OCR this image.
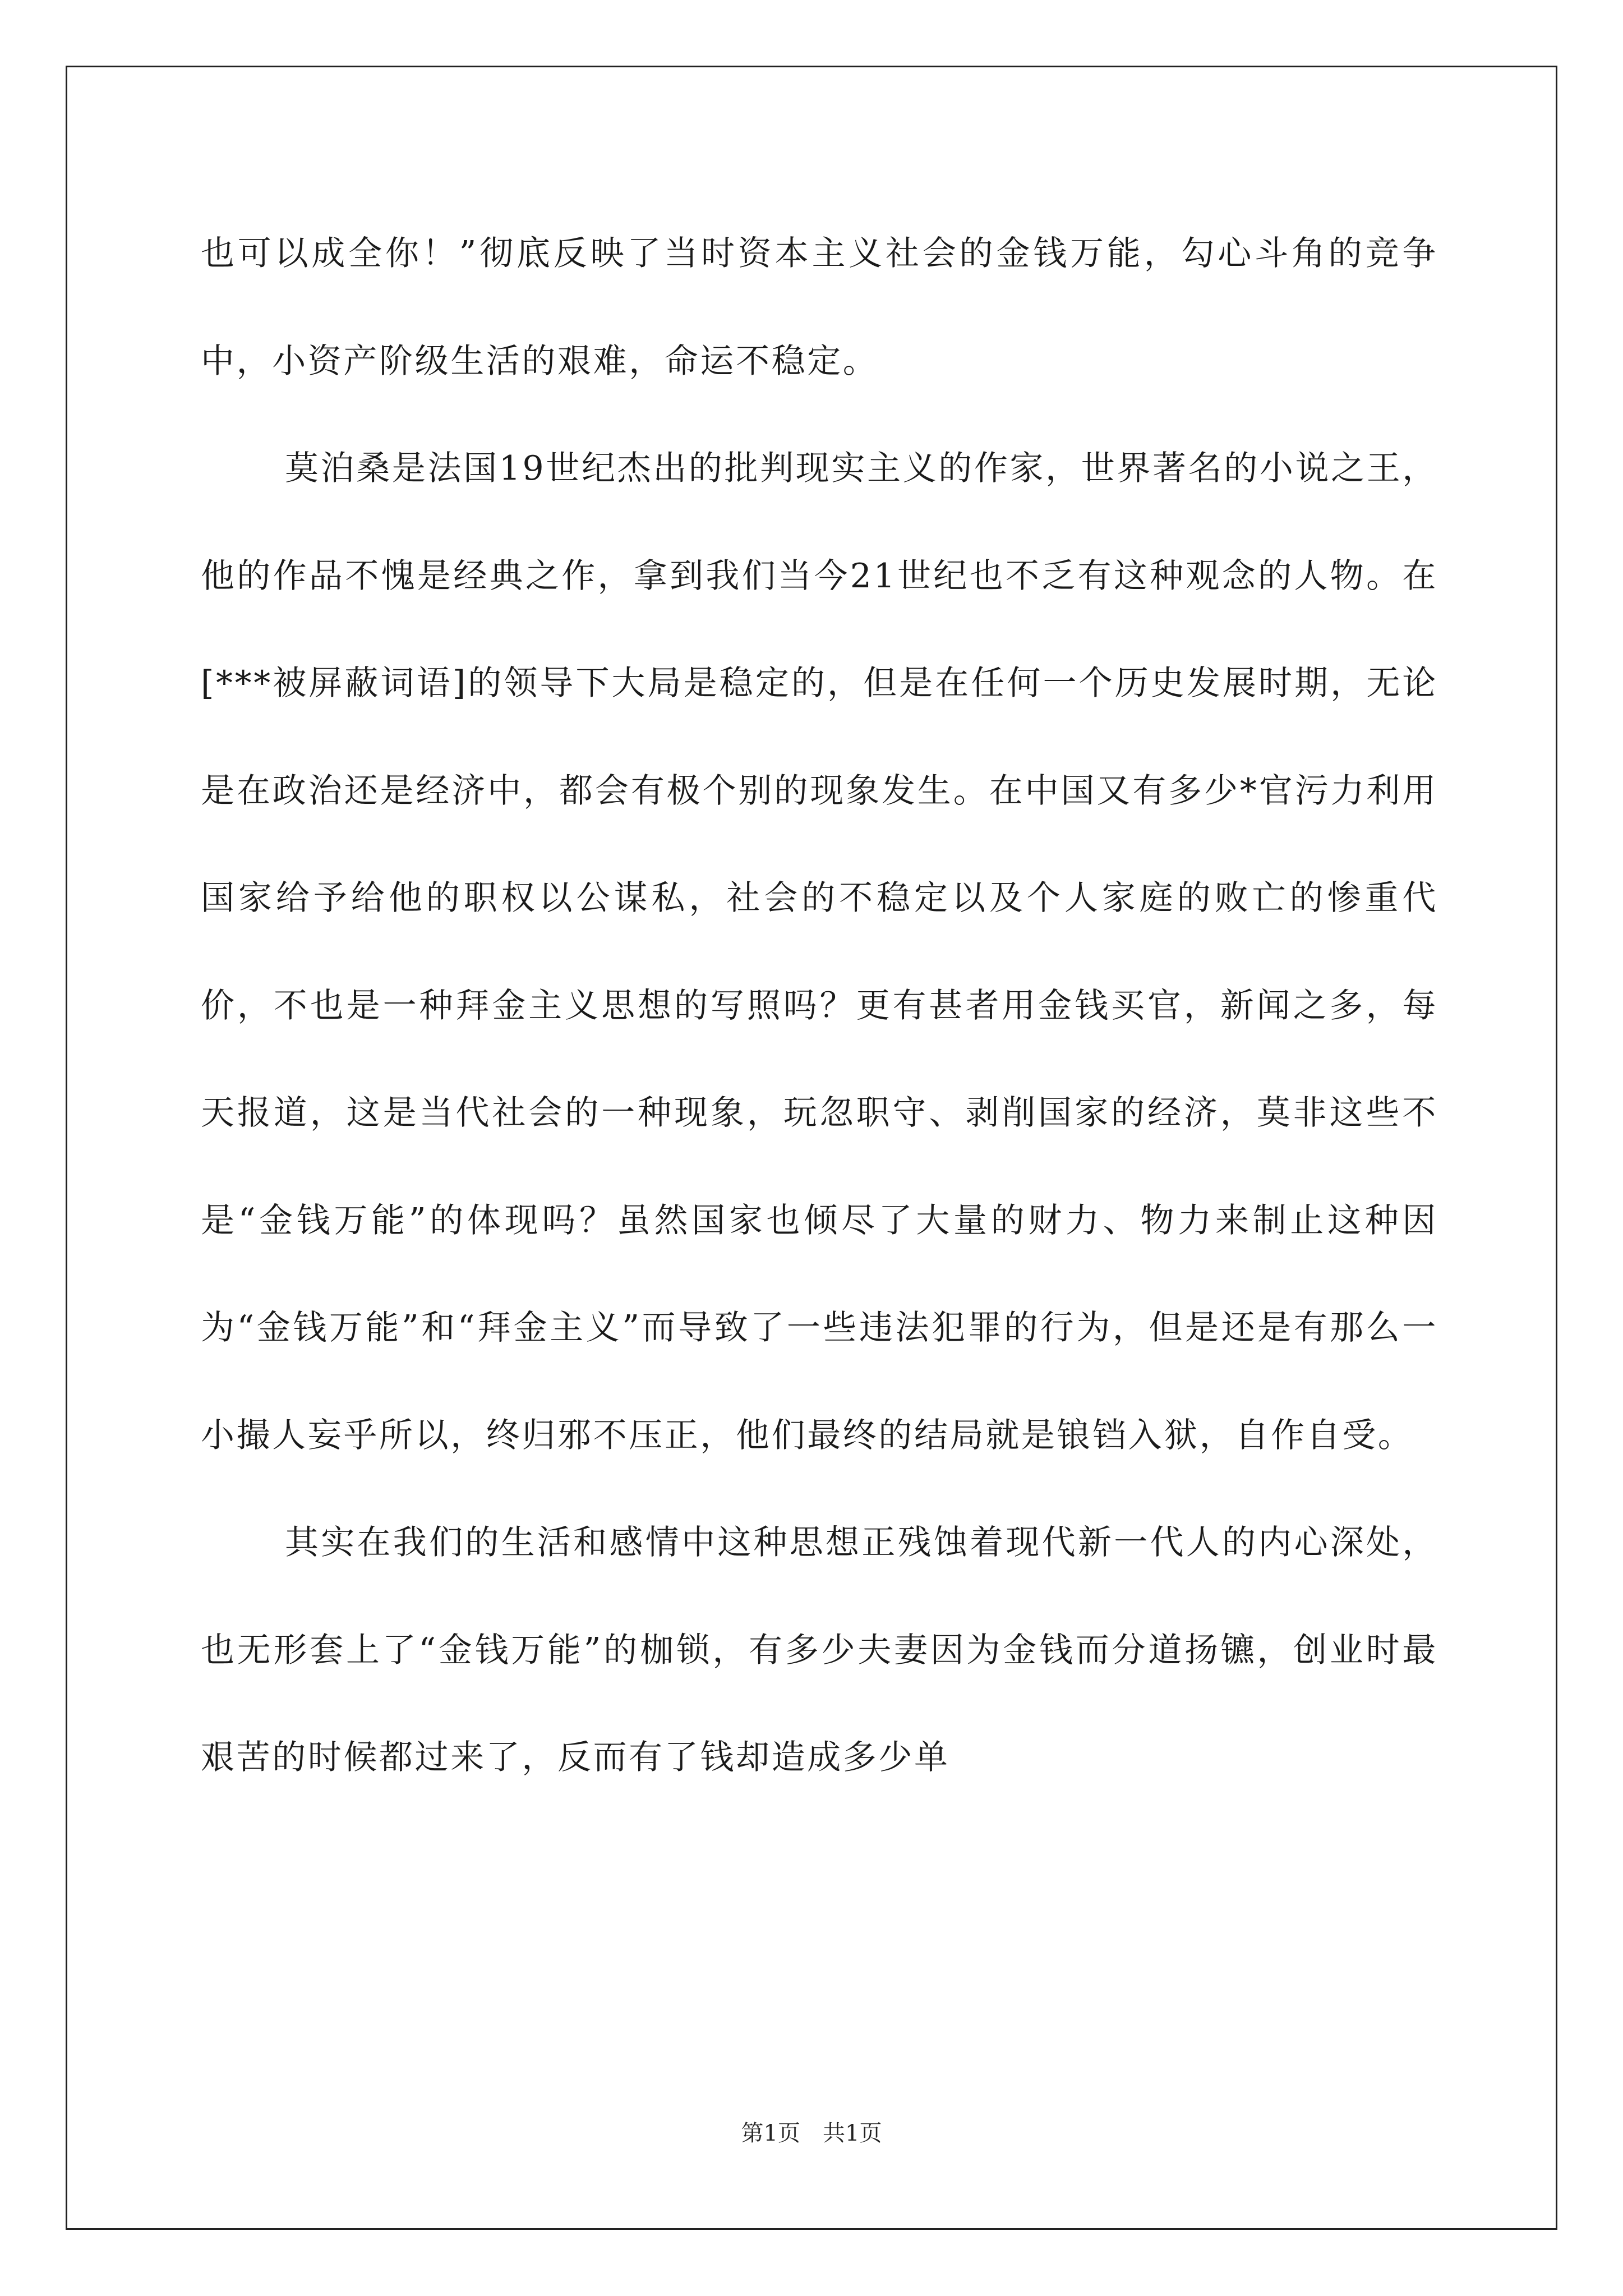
也可以成全你！”彻底反映了当时资本主义社会的金钱万能，勾心斗角的竞争中，小资产阶级生活的艰难，命运不稳定。

莫泊桑是法国19世纪杰出的批判现实主义的作家，世界著名的小说之王，他的作品不愧是经典之作，拿到我们当今21世纪也不乏有这种观念的人物。在[***被屏蔽词语]的领导下大局是稳定的，但是在任何一个历史发展时期，无论是在政治还是经济中，都会有极个别的现象发生。在中国又有多少*官污力利用国家给予给他的职权以公谋私，社会的不稳定以及个人家庭的败亡的惨重代价，不也是一种拜金主义思想的写照吗？更有甚者用金钱买官，新闻之多，每天报道，这是当代社会的一种现象，玩忽职守、剥削国家的经济，莫非这些不是“金钱万能”的体现吗？虽然国家也倾尽了大量的财力、物力来制止这种因为“金钱万能”和“拜金主义”而导致了一些违法犯罪的行为，但是还是有那么一小撮人妄乎所以，终归邪不压正，他们最终的结局就是锒铛入狱，自作自受。

其实在我们的生活和感情中这种思想正残蚀着现代新一代人的内心深处，也无形套上了“金钱万能”的枷锁，有多少夫妻因为金钱而分道扬镳，创业时最艰苦的时候都过来了，反而有了钱却造成多少单

第1页 共1页
